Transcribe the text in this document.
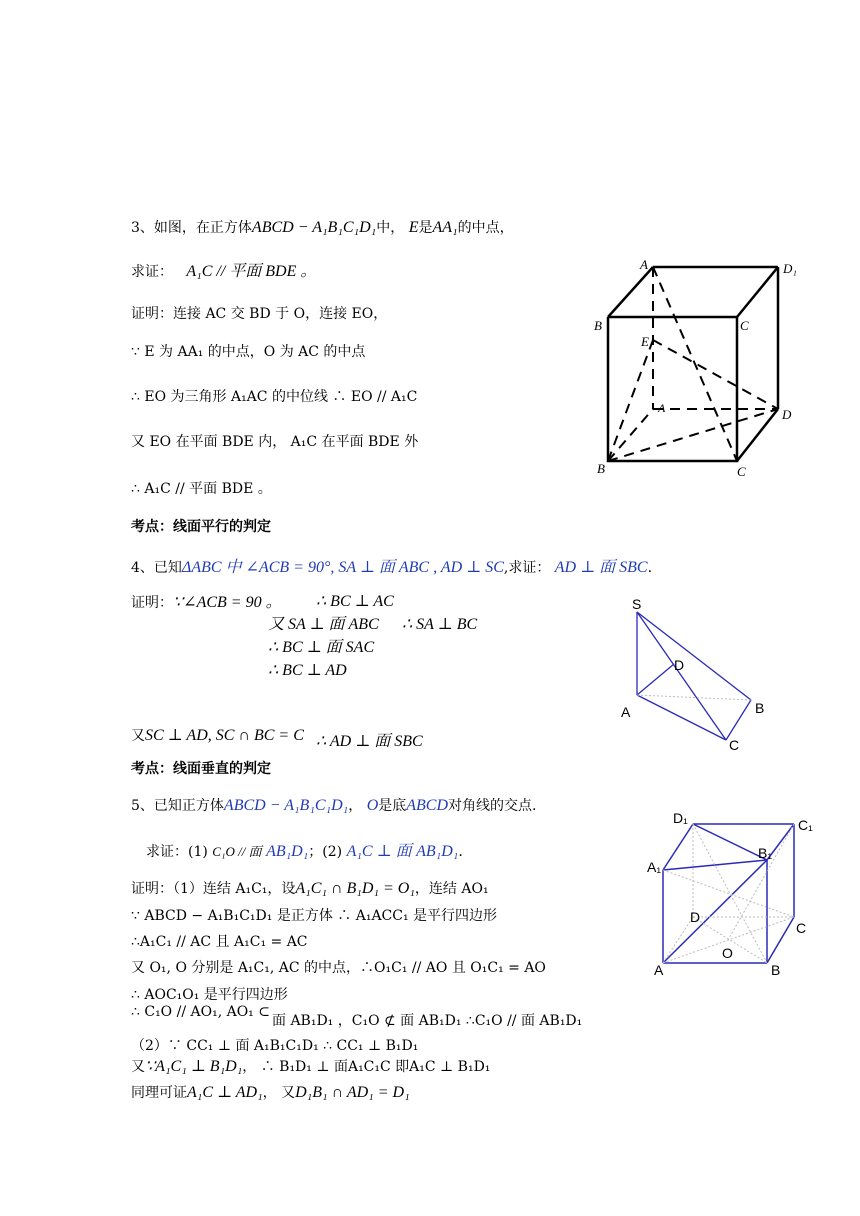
3、如图，在正方体ABCD − A₁B₁C₁D₁中， E是AA₁的中点，
求证： A₁C // 平面 BDE 。
证明：连接 AC 交 BD 于 O，连接 EO，
∵ E 为 AA₁ 的中点，O 为 AC 的中点
∴ EO 为三角形 A₁AC 的中位线 ∴ EO // A₁C
又 EO 在平面 BDE 内， A₁C 在平面 BDE 外
∴ A₁C // 平面 BDE 。
考点：线面平行的判定
A	D₁
B	C
E
A	D
B	C
4、已知ΔABC 中 ∠ACB = 90°, SA ⊥ 面 ABC , AD ⊥ SC,求证： AD ⊥ 面 SBC.
证明：∵∠ACB = 90 。 ∴ BC ⊥ AC
又 SA ⊥ 面 ABC ∴ SA ⊥ BC
∴ BC ⊥ 面 SAC
∴ BC ⊥ AD
又SC ⊥ AD, SC ∩ BC = C ∴ AD ⊥ 面 SBC
考点：线面垂直的判定
S
D
A	B
C
5、已知正方体ABCD − A₁B₁C₁D₁， O是底ABCD对角线的交点.
求证：(1) C₁O // 面 AB₁D₁；(2) A₁C ⊥ 面 AB₁D₁.
证明：（1）连结 A₁C₁，设A₁C₁ ∩ B₁D₁ = O₁，连结 AO₁
∵ ABCD − A₁B₁C₁D₁ 是正方体 ∴ A₁ACC₁ 是平行四边形
∴A₁C₁ // AC 且 A₁C₁ = AC
又 O₁, O 分别是 A₁C₁, AC 的中点，∴O₁C₁ // AO 且 O₁C₁ = AO
∴ AOC₁O₁ 是平行四边形
∴ C₁O // AO₁, AO₁ ⊂
面 AB₁D₁ ，C₁O ⊄ 面 AB₁D₁ ∴C₁O // 面 AB₁D₁
（2）∵ CC₁ ⊥ 面 A₁B₁C₁D₁ ∴ CC₁ ⊥ B₁D₁
又∵A₁C₁ ⊥ B₁D₁， ∴ B₁D₁ ⊥ 面A₁C₁C 即A₁C ⊥ B₁D₁
同理可证A₁C ⊥ AD₁， 又D₁B₁ ∩ AD₁ = D₁
D₁	C₁
B₁
A₁
D
C
O
A	B
